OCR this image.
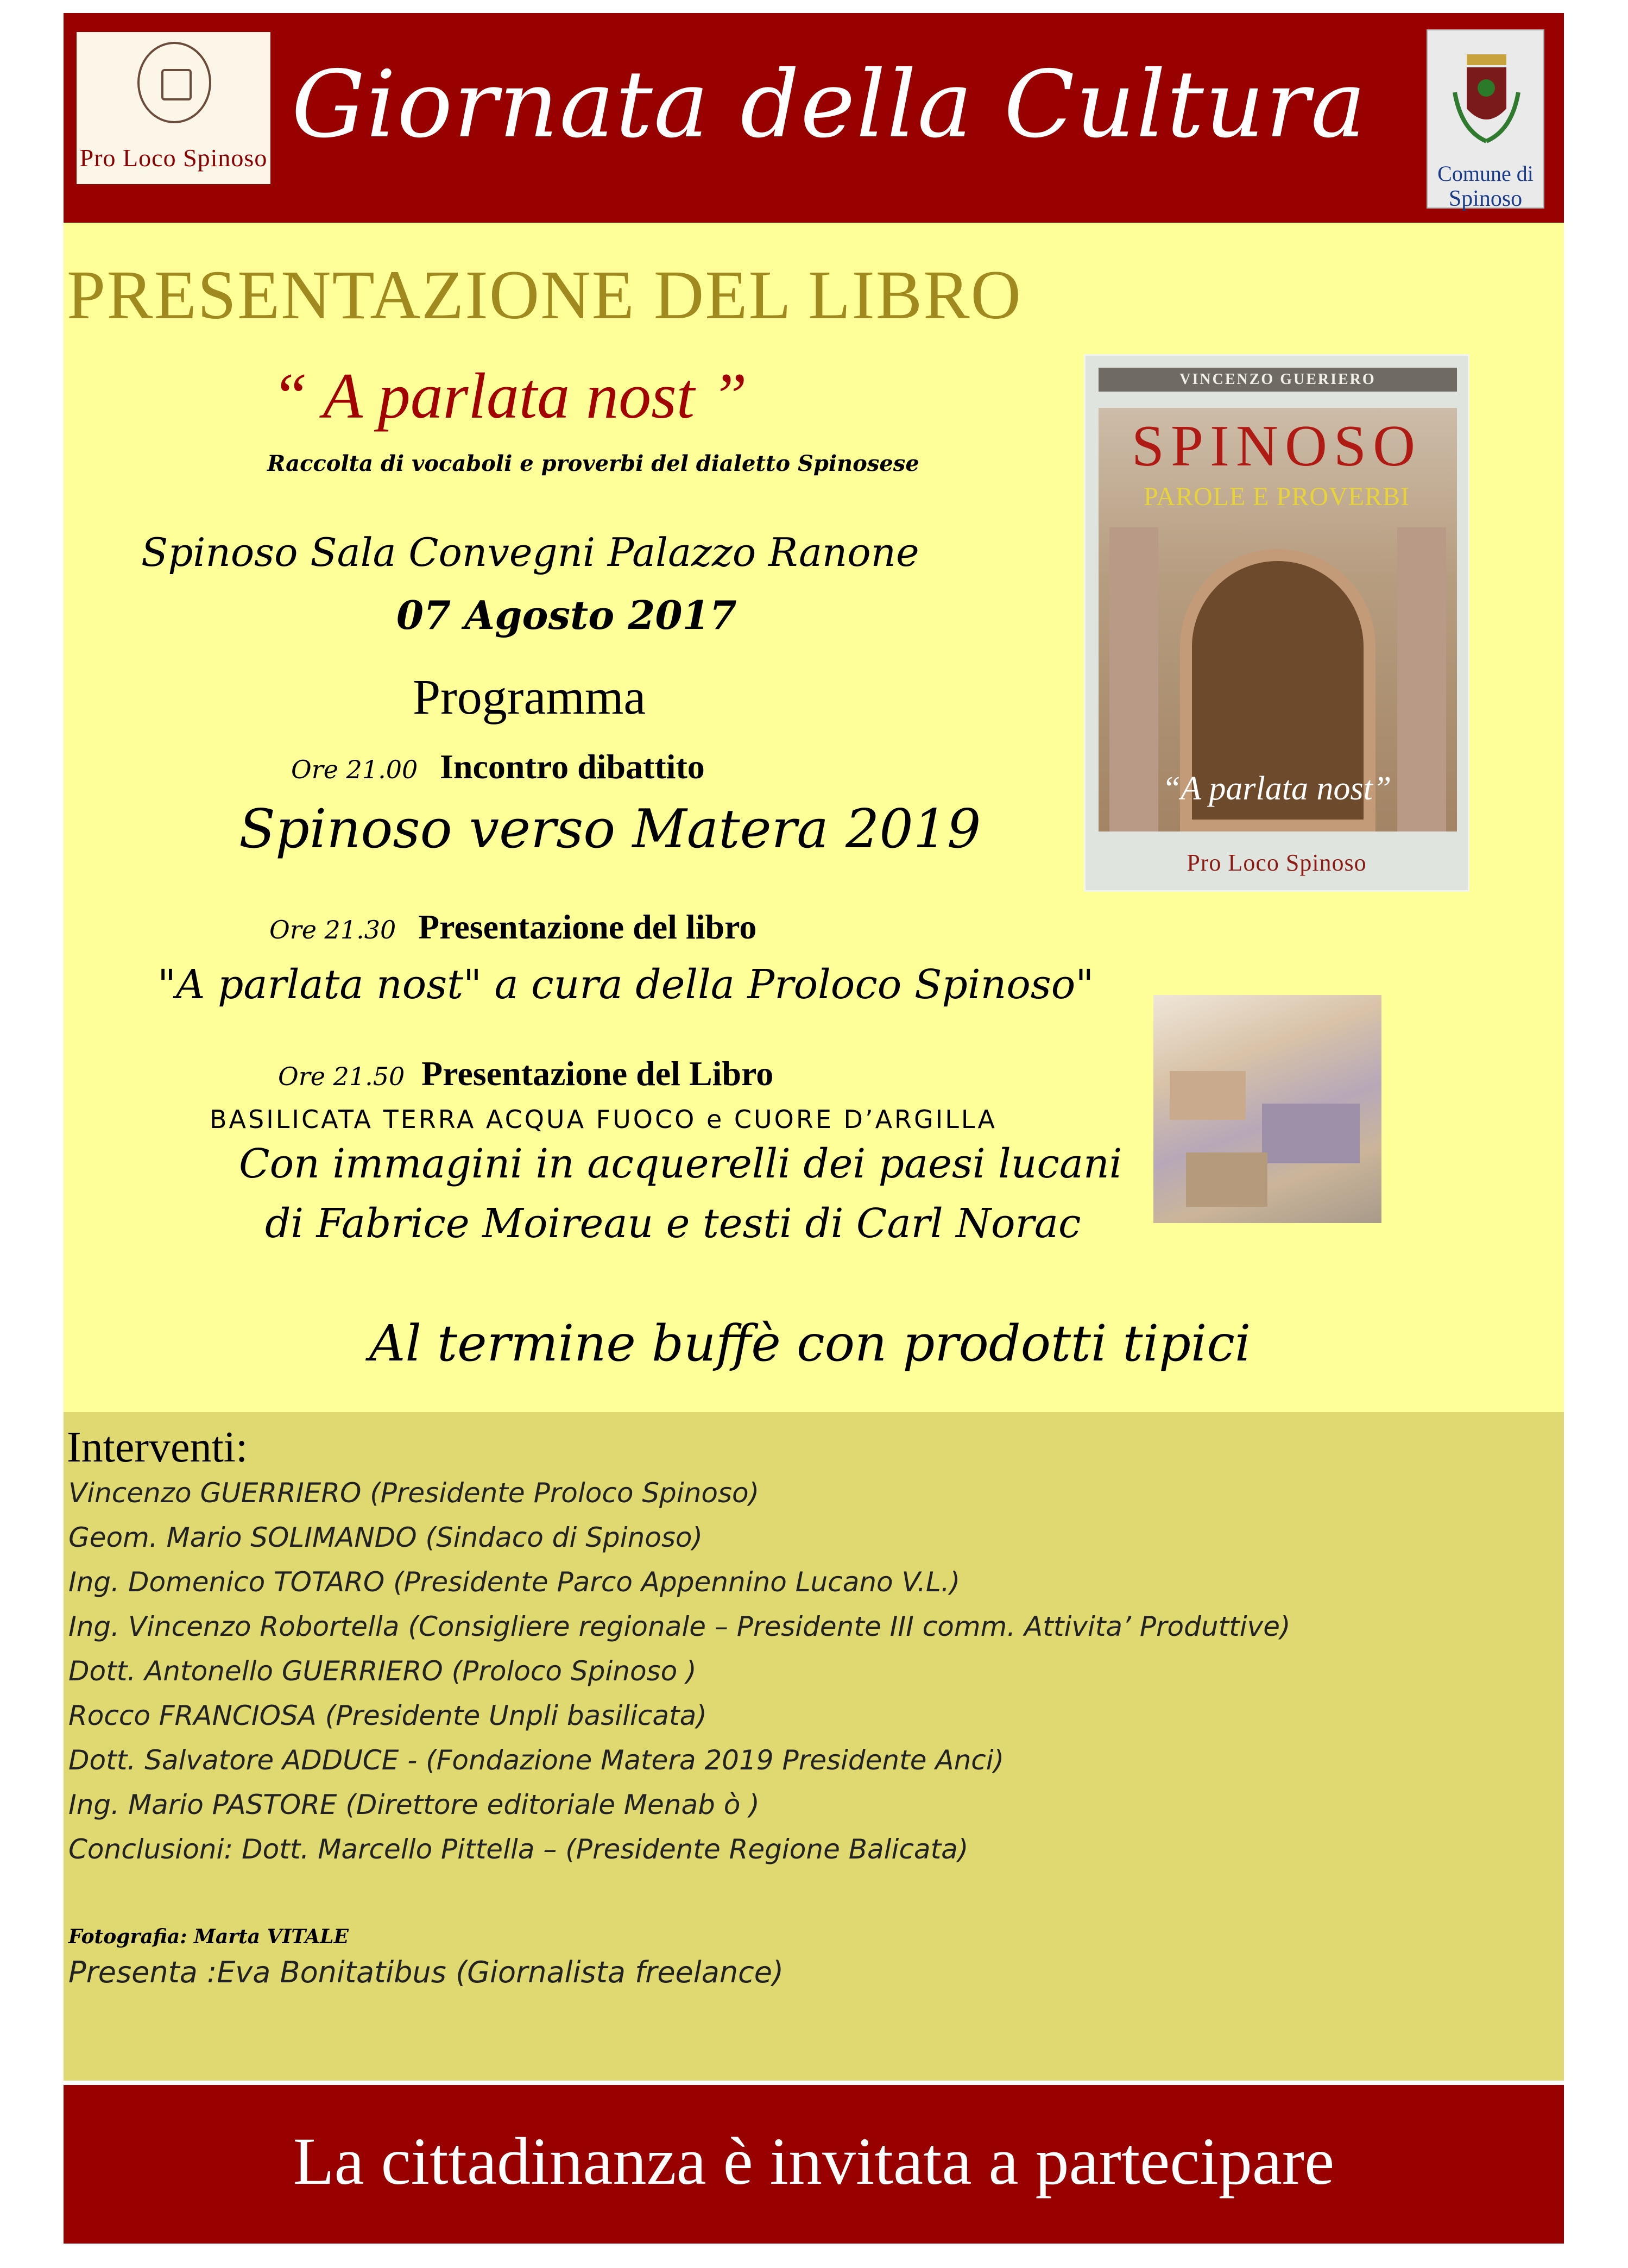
Pro Loco Spinoso Giornata della Cultura
Comune di
Spinoso
PRESENTAZIONE DEL LIBRO
“ A parlata nost ”
Raccolta di vocaboli e proverbi del dialetto Spinosese
Spinoso Sala Convegni Palazzo Ranone
07 Agosto 2017
Programma
Ore 21.00 Incontro dibattito
Spinoso verso Matera 2019
Ore 21.30 Presentazione del libro
"A parlata nost" a cura della Proloco Spinoso"
Ore 21.50 Presentazione del Libro
BASILICATA TERRA ACQUA FUOCO e CUORE D’ARGILLA
Con immagini in acquerelli dei paesi lucani
di Fabrice Moireau e testi di Carl Norac
Al termine buffè con prodotti tipici
VINCENZO GUERIERO
SPINOSO
PAROLE E PROVERBI
“A parlata nost”
Pro Loco Spinoso
Interventi:
Vincenzo GUERRIERO (Presidente Proloco Spinoso)
Geom. Mario SOLIMANDO (Sindaco di Spinoso)
Ing. Domenico TOTARO (Presidente Parco Appennino Lucano V.L.)
Ing. Vincenzo Robortella (Consigliere regionale – Presidente III comm. Attivita’ Produttive)
Dott. Antonello GUERRIERO (Proloco Spinoso )
Rocco FRANCIOSA (Presidente Unpli basilicata)
Dott. Salvatore ADDUCE - (Fondazione Matera 2019 Presidente Anci)
Ing. Mario PASTORE (Direttore editoriale Menab ò )
Conclusioni: Dott. Marcello Pittella – (Presidente Regione Balicata)
Fotografia: Marta VITALE
Presenta :Eva Bonitatibus (Giornalista freelance)
La cittadinanza è invitata a partecipare
